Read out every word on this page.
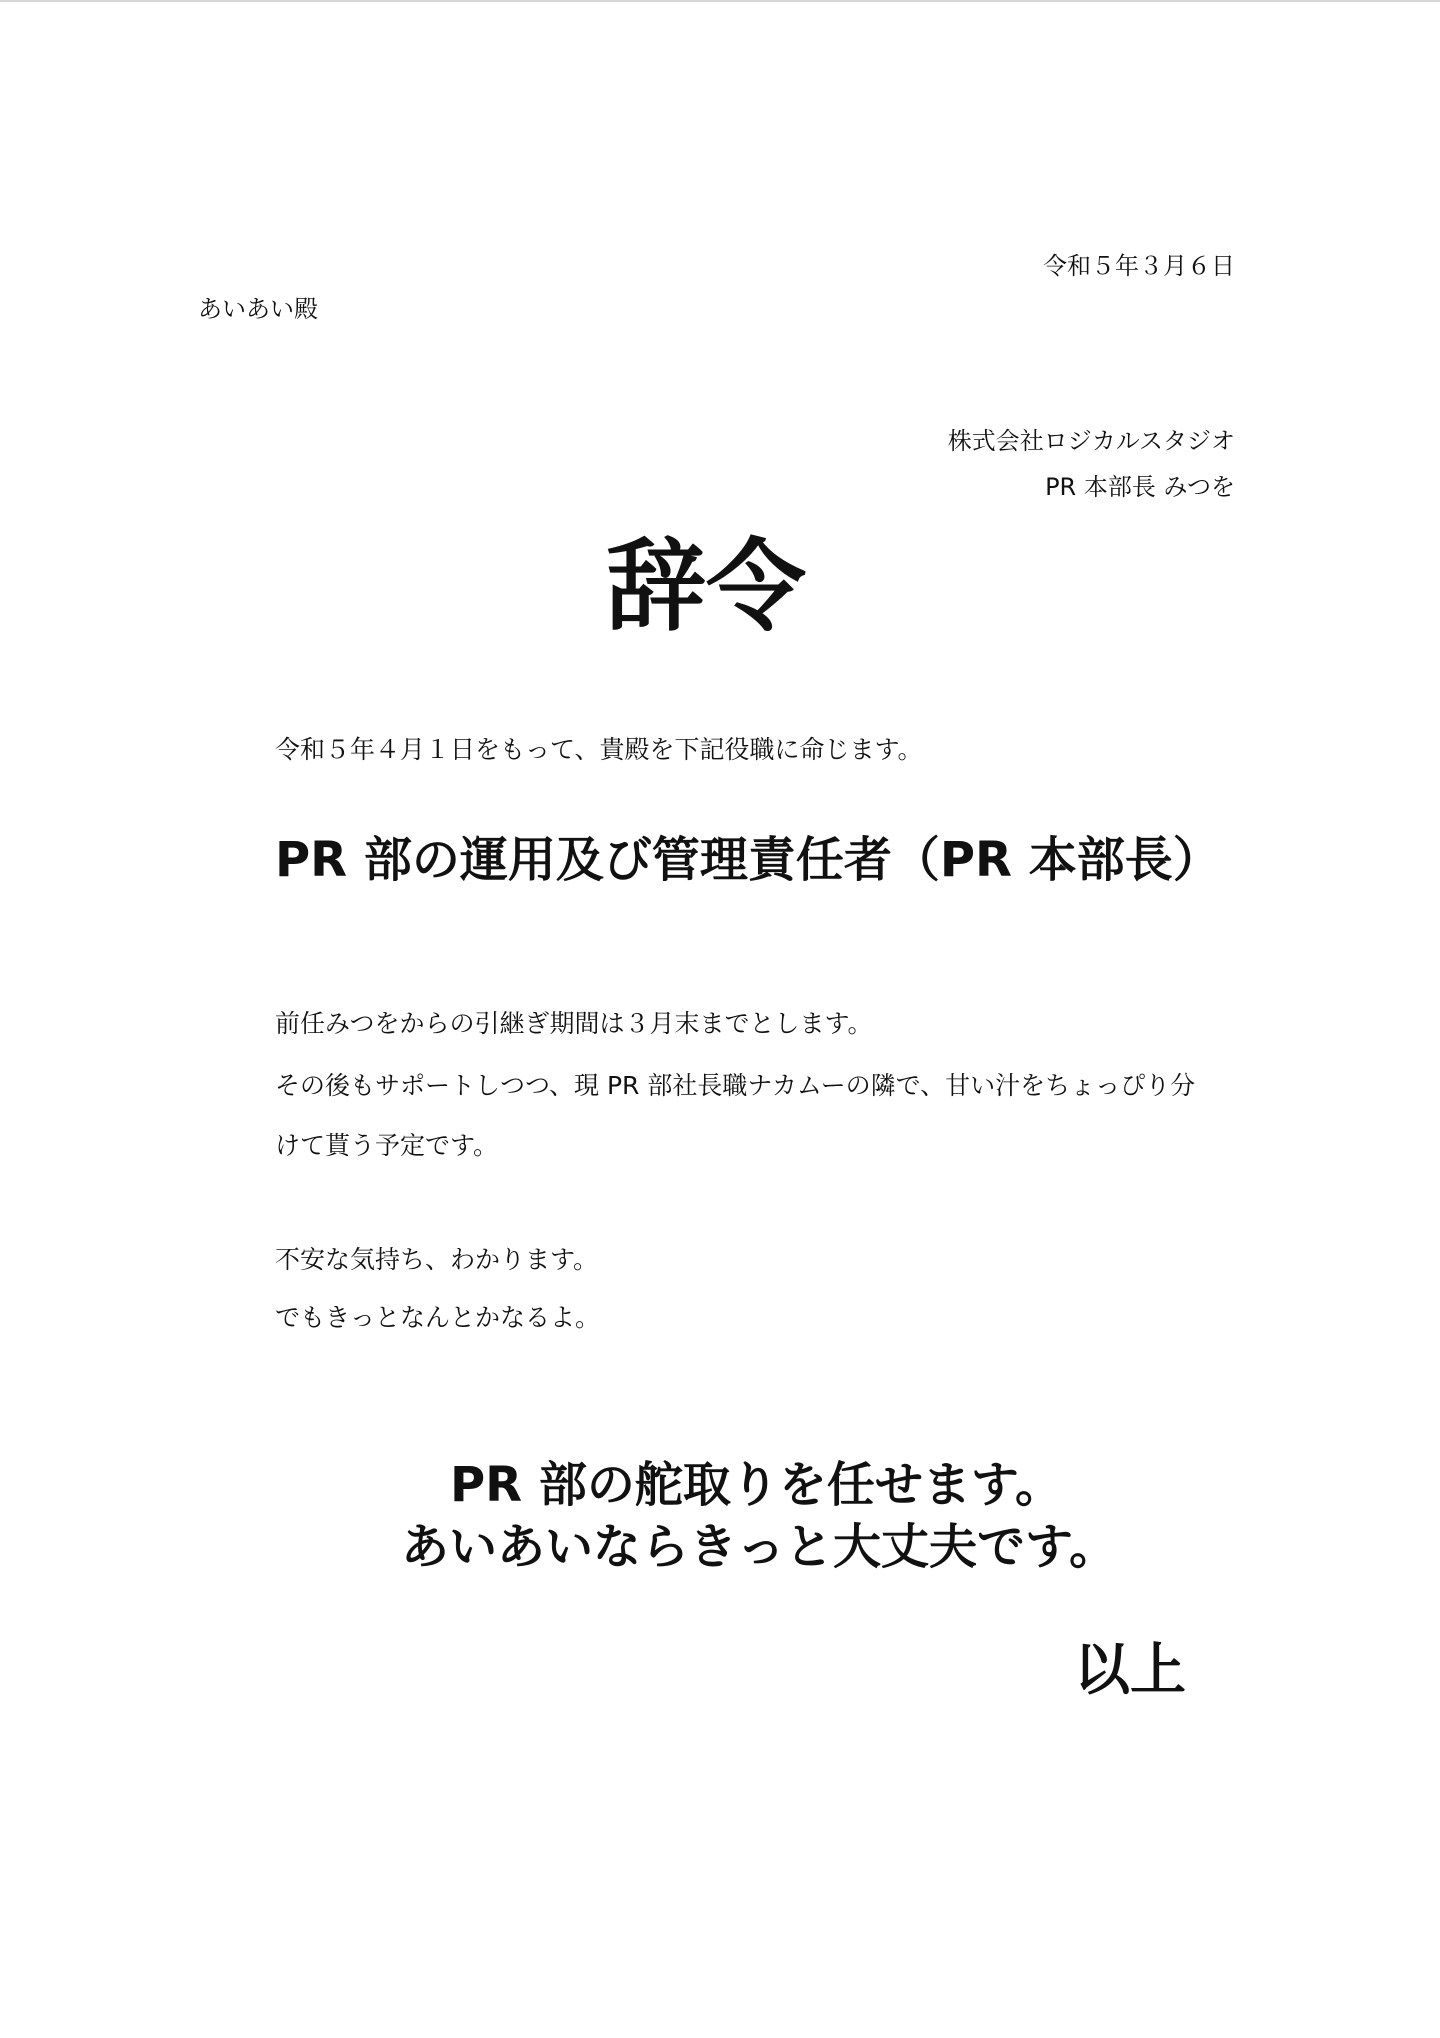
令和５年３月６日

あいあい殿

株式会社ロジカルスタジオ

PR 本部長 みつを

辞令

令和５年４月１日をもって、貴殿を下記役職に命じます。

PR 部の運用及び管理責任者（PR 本部長）

前任みつをからの引継ぎ期間は３月末までとします。

その後もサポートしつつ、現 PR 部社長職ナカムーの隣で、甘い汁をちょっぴり分

けて貰う予定です。

不安な気持ち、わかります。

でもきっとなんとかなるよ。

PR 部の舵取りを任せます。

あいあいならきっと大丈夫です。

以上
